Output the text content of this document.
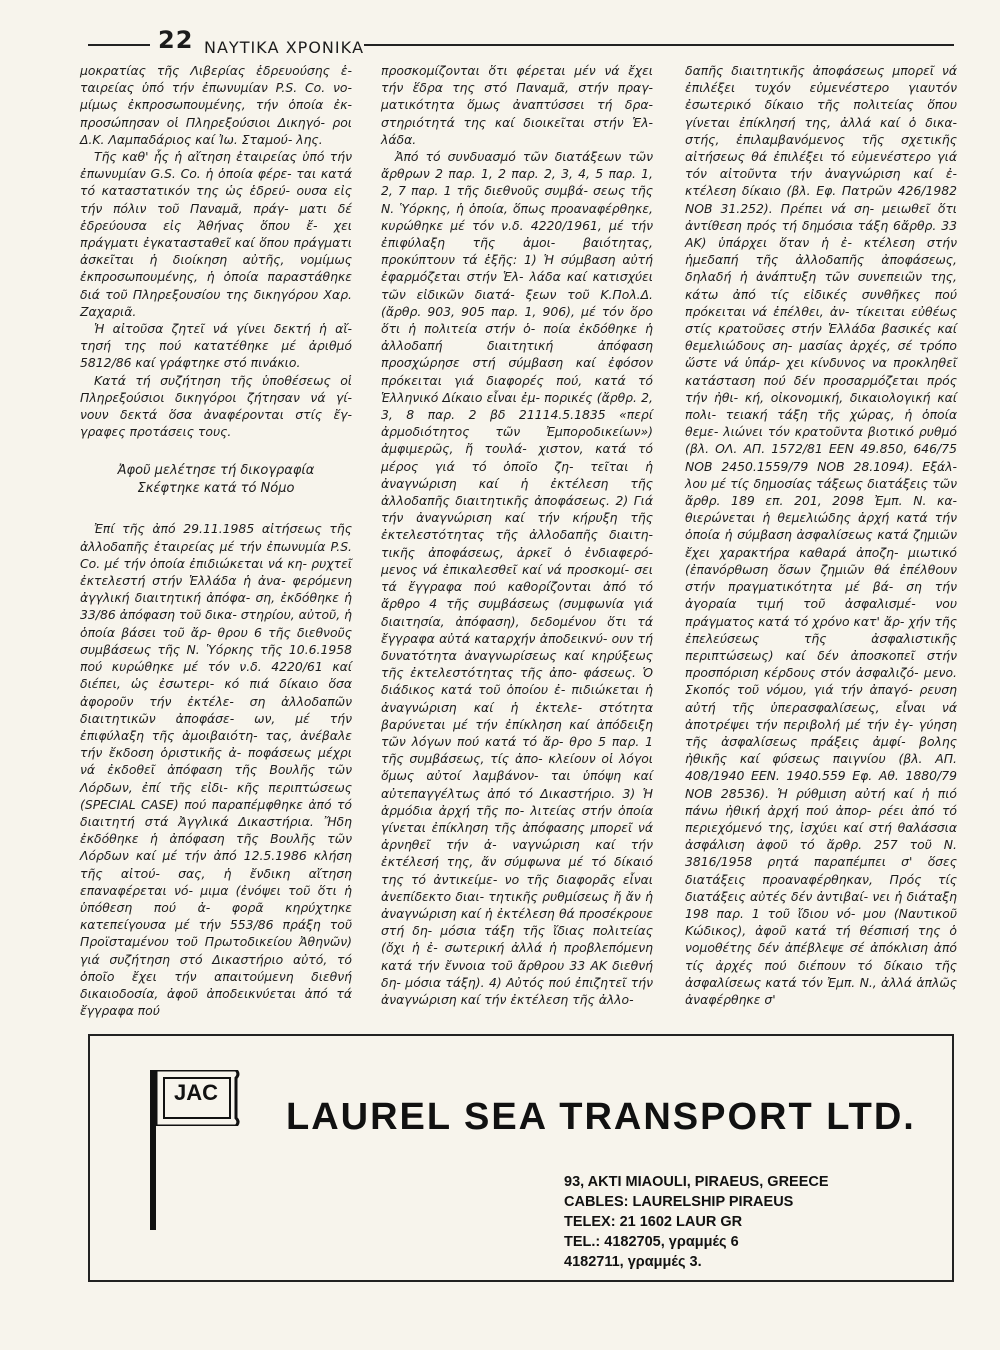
22 ΝΑΥΤΙΚΑ ΧΡΟΝΙΚΑ

μοκρατίας τῆς Λιβερίας ἑδρευούσης ἑ- ταιρείας ὑπό τήν ἐπωνυμίαν P.S. Co. νο- μίμως ἐκπροσωπουμένης, τήν ὁποία ἐκ- προσώπησαν οἱ Πληρεξούσιοι Δικηγό- ροι Δ.Κ. Λαμπαδάριος καί Ἰω. Σταμού- λης.

Τῆς καθ' ἧς ἡ αἴτηση ἑταιρείας ὑπό τήν ἐπωνυμίαν G.S. Co. ἡ ὁποία φέρε- ται κατά τό καταστατικόν της ὡς ἑδρεύ- ουσα εἰς τήν πόλιν τοῦ Παναμᾶ, πράγ- ματι δέ ἑδρεύουσα εἰς Ἀθήνας ὅπου ἔ- χει πράγματι ἐγκατασταθεῖ καί ὅπου πράγματι ἀσκεῖται ἡ διοίκηση αὐτῆς, νομίμως ἐκπροσωπουμένης, ἡ ὁποία παραστάθηκε διά τοῦ Πληρεξουσίου της δικηγόρου Χαρ. Ζαχαριᾶ.

Ἡ αἰτοῦσα ζητεῖ νά γίνει δεκτή ἡ αἴ- τησή της πού κατατέθηκε μέ ἀριθμό 5812/86 καί γράφτηκε στό πινάκιο.

Κατά τή συζήτηση τῆς ὑποθέσεως οἱ Πληρεξούσιοι δικηγόροι ζήτησαν νά γί- νουν δεκτά ὅσα ἀναφέρονται στίς ἔγ- γραφες προτάσεις τους.

Ἀφοῦ μελέτησε τή δικογραφία
Σκέφτηκε κατά τό Νόμο

Ἐπί τῆς ἀπό 29.11.1985 αἰτήσεως τῆς ἀλλοδαπῆς ἑταιρείας μέ τήν ἐπωνυμία P.S. Co. μέ τήν ὁποία ἐπιδιώκεται νά κη- ρυχτεῖ ἐκτελεστή στήν Ἑλλάδα ἡ ἀνα- φερόμενη ἀγγλική διαιτητική ἀπόφα- ση, ἐκδόθηκε ἡ 33/86 ἀπόφαση τοῦ δικα- στηρίου, αὐτοῦ, ἡ ὁποία βάσει τοῦ ἄρ- θρου 6 τῆς διεθνοῦς συμβάσεως τῆς Ν. Ὑόρκης τῆς 10.6.1958 πού κυρώθηκε μέ τόν ν.δ. 4220/61 καί διέπει, ὡς ἐσωτερι- κό πιά δίκαιο ὅσα ἀφοροῦν τήν ἐκτέλε- ση ἀλλοδαπῶν διαιτητικῶν ἀποφάσε- ων, μέ τήν ἐπιφύλαξη τῆς ἀμοιβαιότη- τας, ἀνέβαλε τήν ἔκδοση ὁριστικῆς ἀ- ποφάσεως μέχρι νά ἐκδοθεῖ ἀπόφαση τῆς Βουλῆς τῶν Λόρδων, ἐπί τῆς εἰδι- κῆς περιπτώσεως (SPECIAL CASE) πού παραπέμφθηκε ἀπό τό διαιτητή στά Ἀγγλικά Δικαστήρια. Ἤδη ἐκδόθηκε ἡ ἀπόφαση τῆς Βουλῆς τῶν Λόρδων καί μέ τήν ἀπό 12.5.1986 κλήση τῆς αἰτού- σας, ἡ ἔνδικη αἴτηση επαναφέρεται νό- μιμα (ἐνόψει τοῦ ὅτι ἡ ὑπόθεση πού ἀ- φορᾶ κηρύχτηκε κατεπείγουσα μέ τήν 553/86 πράξη τοῦ Προϊσταμένου τοῦ Πρωτοδικείου Ἀθηνῶν) γιά συζήτηση στό Δικαστήριο αὐτό, τό ὁποῖο ἔχει τήν απαιτούμενη διεθνή δικαιοδοσία, ἀφοῦ ἀποδεικνύεται ἀπό τά ἔγγραφα πού

προσκομίζονται ὅτι φέρεται μέν νά ἔχει τήν ἕδρα της στό Παναμᾶ, στήν πραγ- ματικότητα ὅμως ἀναπτύσσει τή δρα- στηριότητά της καί διοικεῖται στήν Ἑλ- λάδα.

Ἀπό τό συνδυασμό τῶν διατάξεων τῶν ἄρθρων 2 παρ. 1, 2 παρ. 2, 3, 4, 5 παρ. 1, 2, 7 παρ. 1 τῆς διεθνοῦς συμβά- σεως τῆς Ν. Ὑόρκης, ἡ ὁποία, ὅπως προαναφέρθηκε, κυρώθηκε μέ τόν ν.δ. 4220/1961, μέ τήν ἐπιφύλαξη τῆς ἀμοι- βαιότητας, προκύπτουν τά ἑξῆς: 1) Ἡ σύμβαση αὐτή ἐφαρμόζεται στήν Ἑλ- λάδα καί κατισχύει τῶν εἰδικῶν διατά- ξεων τοῦ Κ.Πολ.Δ. (ἄρθρ. 903, 905 παρ. 1, 906), μέ τόν ὅρο ὅτι ἡ πολιτεία στήν ὁ- ποία ἐκδόθηκε ἡ ἀλλοδαπή διαιτητική ἀπόφαση προσχώρησε στή σύμβαση καί ἐφόσον πρόκειται γιά διαφορές πού, κατά τό Ἑλληνικό Δίκαιο εἶναι ἐμ- πορικές (ἄρθρ. 2, 3, 8 παρ. 2 βδ 21114.5.1835 «περί ἀρμοδιότητος τῶν Ἐμποροδικείων») ἀμφιμερῶς, ἤ τουλά- χιστον, κατά τό μέρος γιά τό ὁποῖο ζη- τεῖται ἡ ἀναγνώριση καί ἡ ἐκτέλεση τῆς ἀλλοδαπῆς διαιτητικῆς ἀποφάσεως. 2) Γιά τήν ἀναγνώριση καί τήν κήρυξη τῆς ἐκτελεστότητας τῆς ἀλλοδαπῆς διαιτη- τικῆς ἀποφάσεως, ἀρκεῖ ὁ ἐνδιαφερό- μενος νά ἐπικαλεσθεῖ καί νά προσκομί- σει τά ἔγγραφα πού καθορίζονται ἀπό τό ἄρθρο 4 τῆς συμβάσεως (συμφωνία γιά διαιτησία, ἀπόφαση), δεδομένου ὅτι τά ἔγγραφα αὐτά καταρχήν ἀποδεικνύ- ουν τή δυνατότητα ἀναγνωρίσεως καί κηρύξεως τῆς ἐκτελεστότητας τῆς ἀπο- φάσεως. Ὁ διάδικος κατά τοῦ ὁποίου ἐ- πιδιώκεται ἡ ἀναγνώριση καί ἡ ἐκτελε- στότητα βαρύνεται μέ τήν ἐπίκληση καί ἀπόδειξη τῶν λόγων πού κατά τό ἄρ- θρο 5 παρ. 1 τῆς συμβάσεως, τίς ἀπο- κλείουν οἱ λόγοι ὅμως αὐτοί λαμβάνον- ται ὑπόψη καί αὐτεπαγγέλτως ἀπό τό Δικαστήριο. 3) Ἡ ἁρμόδια ἀρχή τῆς πο- λιτείας στήν ὁποία γίνεται ἐπίκληση τῆς ἀπόφασης μπορεῖ νά ἀρνηθεῖ τήν ἀ- ναγνώριση καί τήν ἐκτέλεσή της, ἄν σύμφωνα μέ τό δίκαιό της τό ἀντικείμε- νο τῆς διαφορᾶς εἶναι ἀνεπίδεκτο διαι- τητικῆς ρυθμίσεως ἤ ἄν ἡ ἀναγνώριση καί ἡ ἐκτέλεση θά προσέκρουε στή δη- μόσια τάξη τῆς ἴδιας πολιτείας (ὄχι ἡ ἐ- σωτερική ἀλλά ἡ προβλεπόμενη κατά τήν ἔννοια τοῦ ἄρθρου 33 ΑΚ διεθνή δη- μόσια τάξη). 4) Αὐτός πού ἐπιζητεῖ τήν ἀναγνώριση καί τήν ἐκτέλεση τῆς ἀλλο-

δαπῆς διαιτητικῆς ἀποφάσεως μπορεῖ νά ἐπιλέξει τυχόν εὐμενέστερο γιαυτόν ἐσωτερικό δίκαιο τῆς πολιτείας ὅπου γίνεται ἐπίκλησή της, ἀλλά καί ὁ δικα- στής, ἐπιλαμβανόμενος τῆς σχετικῆς αἰτήσεως θά ἐπιλέξει τό εὐμενέστερο γιά τόν αἰτοῦντα τήν ἀναγνώριση καί ἐ- κτέλεση δίκαιο (βλ. Εφ. Πατρῶν 426/1982 ΝΟΒ 31.252). Πρέπει νά ση- μειωθεῖ ὅτι ἀντίθεση πρός τή δημόσια τάξη 6ἄρθρ. 33 ΑΚ) ὑπάρχει ὅταν ἡ ἐ- κτέλεση στήν ἡμεδαπή τῆς ἀλλοδαπῆς ἀποφάσεως, δηλαδή ἡ ἀνάπτυξη τῶν συνεπειῶν της, κάτω ἀπό τίς εἰδικές συνθῆκες πού πρόκειται νά ἐπέλθει, ἀν- τίκειται εὐθέως στίς κρατοῦσες στήν Ἑλλάδα βασικές καί θεμελιώδους ση- μασίας ἀρχές, σέ τρόπο ὥστε νά ὑπάρ- χει κίνδυνος να προκληθεῖ κατάσταση πού δέν προσαρμόζεται πρός τήν ἠθι- κή, οἰκονομική, δικαιολογική καί πολι- τειακή τάξη τῆς χώρας, ἡ ὁποία θεμε- λιώνει τόν κρατοῦντα βιοτικό ρυθμό (βλ. ΟΛ. ΑΠ. 1572/81 ΕΕΝ 49.850, 646/75 ΝΟΒ 2450.1559/79 ΝΟΒ 28.1094). Εξάλ- λου μέ τίς δημοσίας τάξεως διατάξεις τῶν ἄρθρ. 189 επ. 201, 2098 Ἐμπ. Ν. κα- θιερώνεται ἡ θεμελιώδης ἀρχή κατά τήν ὁποία ἡ σύμβαση ἀσφαλίσεως κατά ζημιῶν ἔχει χαρακτήρα καθαρά ἀποζη- μιωτικό (ἐπανόρθωση ὅσων ζημιῶν θά ἐπέλθουν στήν πραγματικότητα μέ βά- ση τήν ἀγοραία τιμή τοῦ ἀσφαλισμέ- νου πράγματος κατά τό χρόνο κατ' ἄρ- χήν τῆς ἐπελεύσεως τῆς ἀσφαλιστικῆς περιπτώσεως) καί δέν ἀποσκοπεῖ στήν προσπόριση κέρδους στόν ἀσφαλιζό- μενο. Σκοπός τοῦ νόμου, γιά τήν ἀπαγό- ρευση αὐτή τῆς ὑπερασφαλίσεως, εἶναι νά ἀποτρέψει τήν περιβολή μέ τήν ἐγ- γύηση τῆς ἀσφαλίσεως πράξεις ἀμφί- βολης ἠθικῆς καί φύσεως παιγνίου (βλ. ΑΠ. 408/1940 ΕΕΝ. 1940.559 Εφ. Αθ. 1880/79 ΝΟΒ 28536). Ἡ ρύθμιση αὐτή καί ἡ πιό πάνω ἠθική ἀρχή πού ἀπορ- ρέει ἀπό τό περιεχόμενό της, ἰσχύει καί στή θαλάσσια ἀσφάλιση ἀφοῦ τό ἄρθρ. 257 τοῦ Ν. 3816/1958 ρητά παραπέμπει σ' ὅσες διατάξεις προαναφέρθηκαν, Πρός τίς διατάξεις αὐτές δέν ἀντιβαί- νει ἡ διάταξη 198 παρ. 1 τοῦ ἴδιου νό- μου (Ναυτικοῦ Κώδικος), ἀφοῦ κατά τή θέσπισή της ὁ νομοθέτης δέν ἀπέβλεψε σέ ἀπόκλιση ἀπό τίς ἀρχές πού διέπουν τό δίκαιο τῆς ἀσφαλίσεως κατά τόν Ἐμπ. Ν., ἀλλά ἁπλῶς ἀναφέρθηκε σ'

JAC
LAUREL SEA TRANSPORT LTD.
93, AKTI MIAOULI, PIRAEUS, GREECE
CABLES: LAURELSHIP PIRAEUS
TELEX: 21 1602 LAUR GR
TEL.: 4182705, γραμμές 6
4182711, γραμμές 3.
